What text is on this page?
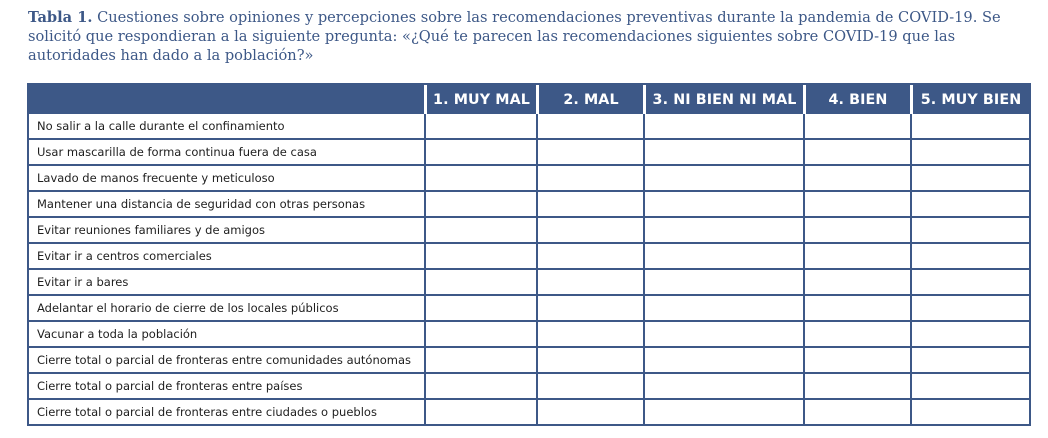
Tabla 1. Cuestiones sobre opiniones y percepciones sobre las recomendaciones preventivas durante la pandemia de COVID-19. Se solicitó que respondieran a la siguiente pregunta: «¿Qué te parecen las recomendaciones siguientes sobre COVID-19 que las autoridades han dado a la población?»
	1. MUY MAL	2. MAL	3. NI BIEN NI MAL	4. BIEN	5. MUY BIEN
No salir a la calle durante el confinamiento					
Usar mascarilla de forma continua fuera de casa					
Lavado de manos frecuente y meticuloso					
Mantener una distancia de seguridad con otras personas					
Evitar reuniones familiares y de amigos					
Evitar ir a centros comerciales					
Evitar ir a bares					
Adelantar el horario de cierre de los locales públicos					
Vacunar a toda la población					
Cierre total o parcial de fronteras entre comunidades autónomas					
Cierre total o parcial de fronteras entre países					
Cierre total o parcial de fronteras entre ciudades o pueblos					
